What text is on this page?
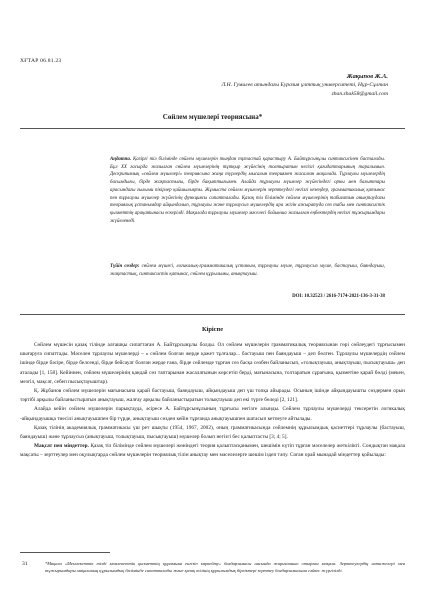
ХҒТАР 06.81.23
Жақыпов Ж.А.
Л.Н. Гумилев атындағы Еуразия ұлттық университеті, Нұр-Сұлтан
zhan.zhak58@gmail.com
Сөйлем мүшелері теориясына*
Аңдатпа. Қазіргі тіл білімінде сөйлем мүшелерін тыңдан тұтастай қарастыру А. Байтұрсынұлы синтаксисінен басталады. Бұл ХХ ғасырда жазылған сөйлем мүшелерінің тұтқыр жүйесінің толтыратын негізгі қағидаттарының таралымын. Дескрипиялық «сөйлем мүшелері» теориясына жаңа түрлердің мысалын теориямен жасалған мақалада. Тұрлаулы мүшелердің басымдығы, бірде жақтастығы, бірде бақыттығымен. Алайда тұрлаулы мүшелер жүйесіндегі орны мен бағыттары арасындағы ғылыми пікірлер қайшылықты. Жұмыста сөйлем мүшелерін зерттеудегі негізгі кезеңдер, грамматикалық қатынас пен тұрлаулы мүшелер жүйесінің функциясы сипатталады. Қазақ тіл білімінде сөйлем мүшелерінің табиғатын анықтаудағы теориялық ұстанымдар айқындалып, тұрлаулы және тұрлаусыз мүшелердің ара жігін ажыратуда сөз табы мен синтаксистік қызметтің арақатынасы ескерілді. Мақалада тұрлаулы мүшелер мәселесі бойынша жазылған еңбектердің негізгі тұжырымдары жүйеленеді.
Түйін сөздер: сөйлем мүшесі, логикалық-грамматикалық ұстаным, тұрлаулы мүше, тұрлаусыз мүше, бастауыш, баяндауыш, жақтастық, синтаксистік қатынас, сөйлем құрылымы, анықтауыш.
DOI: 10.32523 / 2616-7174-2021-136-3-31-38
Кіріспе

Сөйлем мүшесін қазақ тілінде алғашқы сипаттаған А. Байтұрсынұлы болды. Ол сөйлем мүшелерін грамматикалық теориясынан гөрі сөйлеудегі тұрғысымен шығаруға сипаттады. Мәселен тұрлаулы мүшелерді – « сөйлем болған жерде қажет тұлғалар... бастауыш пен баяндауыш – деп бөлген. Тұрлаулы мүшелердің сөйлем ішінде бірде бәсіре, бірде белсенді, бірде бейсауат болған жерде ғана, бірде сөйлемде тұрған сөз басқа сөзбен байланысып, «толықтауыш, анықтауыш, пысықтауыш» деп аталады [1, 158]. Кейіннен, сөйлем мүшелерінің қандай сөз таптарынан жасалатынын көрсетіп берді, мағынасына, толтаратын сұрағына, қызметіне қарай бөлді (мекен, мезгіл, мақсат, себеп пысықтауыштар).

Қ. Жұбанов сөйлем мүшелерін мағынасына қарай бастауыш, баяндауыш, айқындауыш деп үш топқа айырады. Осының ішінде айқындауышты сөздермен орын тәртібі арқылы байланыстыратын анықтауыш, жалғау арқылы байланыстыратын толықтауыш деп екі түрге бөледі [2, 121].

Алайда кейін сөйлем мүшелерін парықтауда, әсіресе А. Байтұрсынұлының тұрғысы негізге алынды. Сөйлем тұрлаулы мүшелерді тексеретін логикалық -айқындауышқа тиесілі анықтауышпен бір түрде, анықтауыш сөзден кейін тұрғанда анықтауышпен шатасып кетпеуге айтылады.

Қазақ тілінің академиялық грамматикасы үш рет шықты (1954, 1967, 2002), оның грамматикасында сөйлемнің құрылымдық қасиеттері тұрлаулы (бастауыш, баяндауыш) және тұрлаусыз (анықтауыш, толықтауыш, пысықтауыш) мүшелер болып негізгі бес қалыптасты [3; 4; 5].

Мақсат пен міндеттер. Қазақ тіл білімінде сөйлем мүшелері жөніндегі теория қалыптасқанымен, шешімін күтіп тұрған мәселелер жеткілікті. Сондықтан мақала мақсаты – зерттеулер мен оқулықтарда сөйлем мүшелерін теориялық тілін анықтау мен мәселелерге шешім іздеп тәпу. Соған орай мынадай міндеттер қойылады:

31	*Мақала «Мемлекеттік тілді мемлекеттік қызметтің құрамына енгізіп көркейту» бағдарламасы аясында жарияланып отырған мақала. Зерттеулердің нәтижелері мен тұжырымдары мақаланың құрылымдық бөлімінде сипатталады және қазақ тілінің құрылымдық бірліктері зерттеу бағдарламасына сәйкес жүргізілді.
